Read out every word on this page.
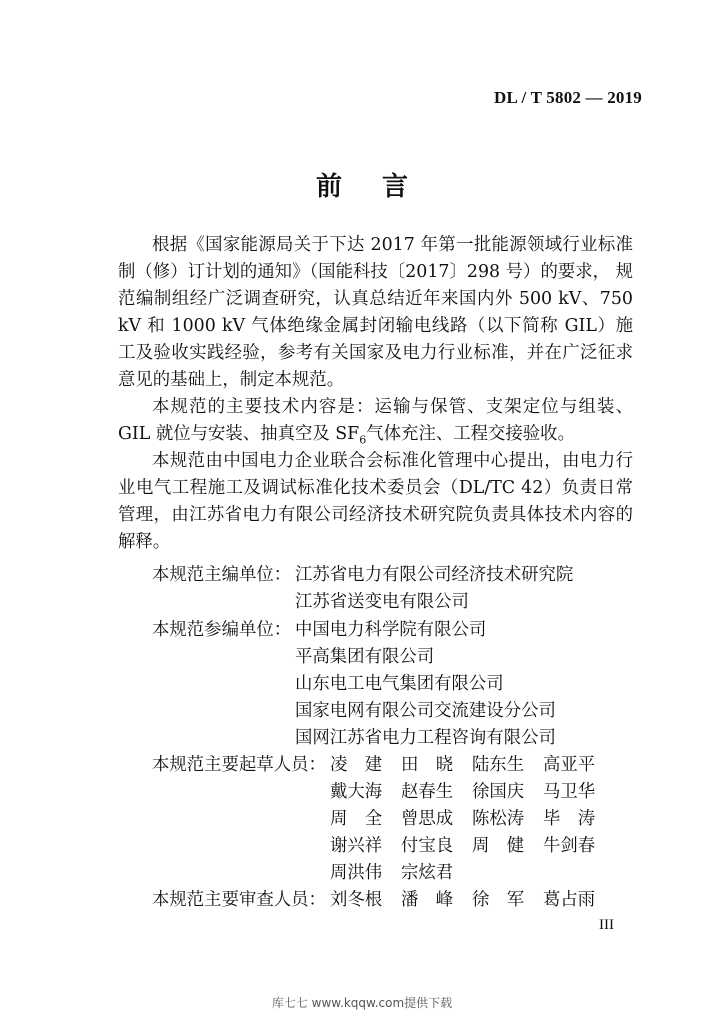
DL / T 5802 — 2019
前言

根据《国家能源局关于下达 2017 年第一批能源领域行业标准制（修）订计划的通知》（国能科技〔2017〕298 号）的要求， 规范编制组经广泛调查研究，认真总结近年来国内外 500 kV、750 kV 和 1000 kV 气体绝缘金属封闭输电线路（以下简称 GIL）施工及验收实践经验，参考有关国家及电力行业标准，并在广泛征求意见的基础上，制定本规范。

本规范的主要技术内容是：运输与保管、支架定位与组装、GIL 就位与安装、抽真空及 $SF_6$气体充注、工程交接验收。

本规范由中国电力企业联合会标准化管理中心提出，由电力行业电气工程施工及调试标准化技术委员会（DL/TC 42）负责日常管理，由江苏省电力有限公司经济技术研究院负责具体技术内容的解释。

本规范主编单位： 江苏省电力有限公司经济技术研究院
江苏省送变电有限公司
本规范参编单位： 中国电力科学院有限公司
平高集团有限公司
山东电工电气集团有限公司
国家电网有限公司交流建设分公司
国网江苏省电力工程咨询有限公司
本规范主要起草人员： 凌　建 田　晓 陆东生 高亚平
戴大海 赵春生 徐国庆 马卫华
周　全 曾思成 陈松涛 毕　涛
谢兴祥 付宝良 周　健 牛剑春
周洪伟 宗炫君
本规范主要审查人员： 刘冬根 潘　峰 徐　军 葛占雨
III
库七七 www.kqqw.com提供下载
